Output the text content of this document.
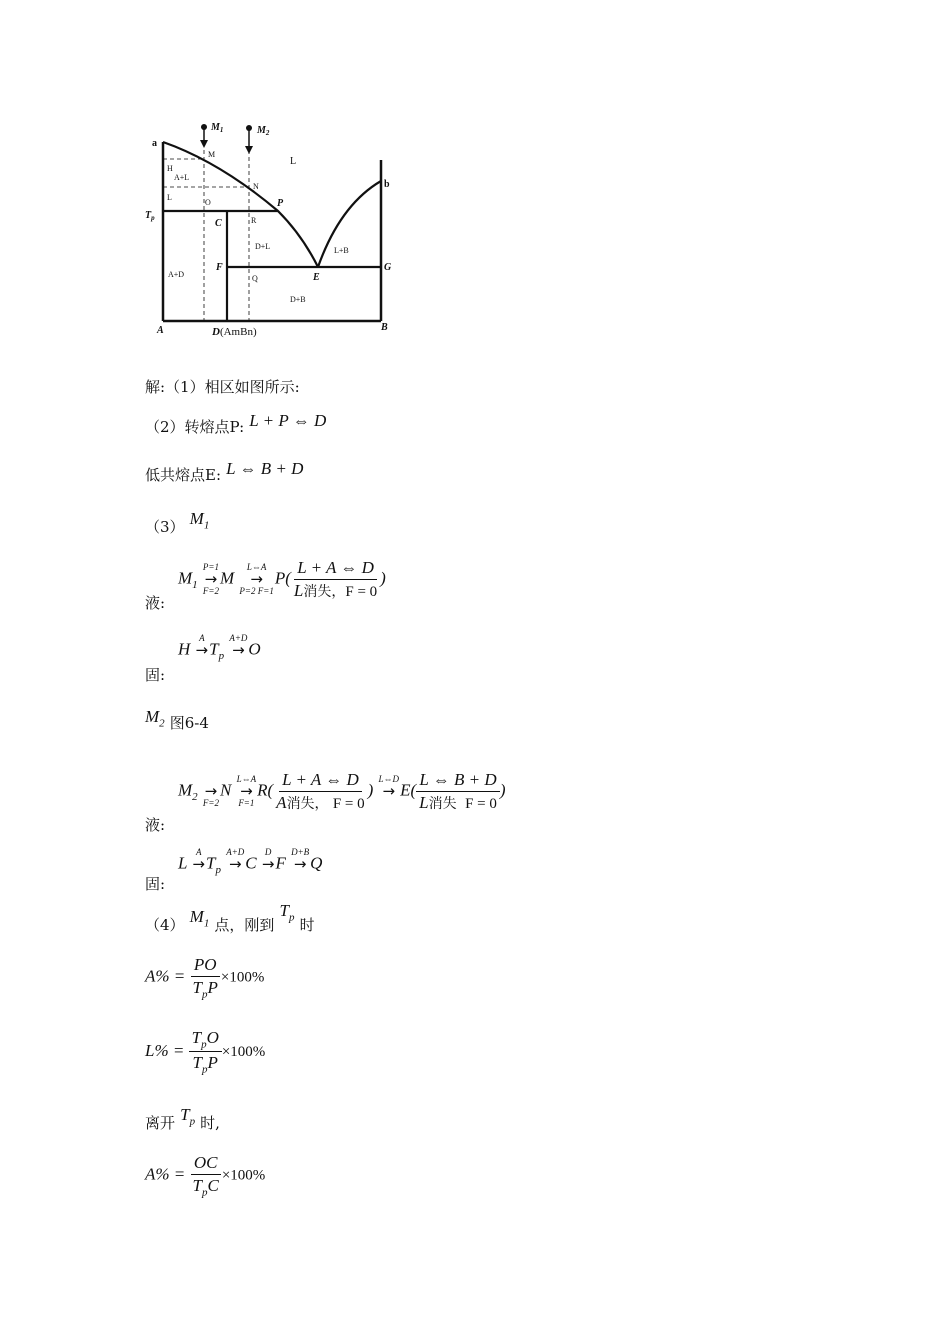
a
$M_1$	$M_2$
M
L
H
A+L
N
L
O	P
$T_p$	C	R
D+L	L+B
F
A+D	Q	E
G
b
D+B
A	D(AmBn)	B
解:（1）相区如图所示:
（2）转熔点P: L + P ⇔ D
低共熔点E: L ⇔ B + D
（3） $M_1$
液:
$M_1$
P=1
→
F=2
M
L⇔A
→
P=2 F=1
$P( \frac{L + A \Leftrightarrow D}{\text{L消失，F = 0}}$ )
固:
H
A
→
$T_p$
A+D
→
O
$M_2$ 图6-4
液:
$M_2$
→
F=2
N
L⇔A
→
F=1
$R( \frac{L + A \Leftrightarrow D}{\text{A消失， F = 0}}$ )
L⇔D
→
$E( \frac{L \Leftrightarrow B + D}{\text{L消失 F = 0}}$ )
固:
L
A
→
$T_p$
A+D
→
C
D
→
F
D+B
→
Q
（4） $M_1$ 点，刚到 $T_p$ 时
$A\% = \frac{PO}{T_pP} \times 100\%$
$L\% = \frac{T_pO}{T_pP} \times 100\%$
离开 $T_p$ 时,
$A\% = \frac{OC}{T_pC} \times 100\%$
